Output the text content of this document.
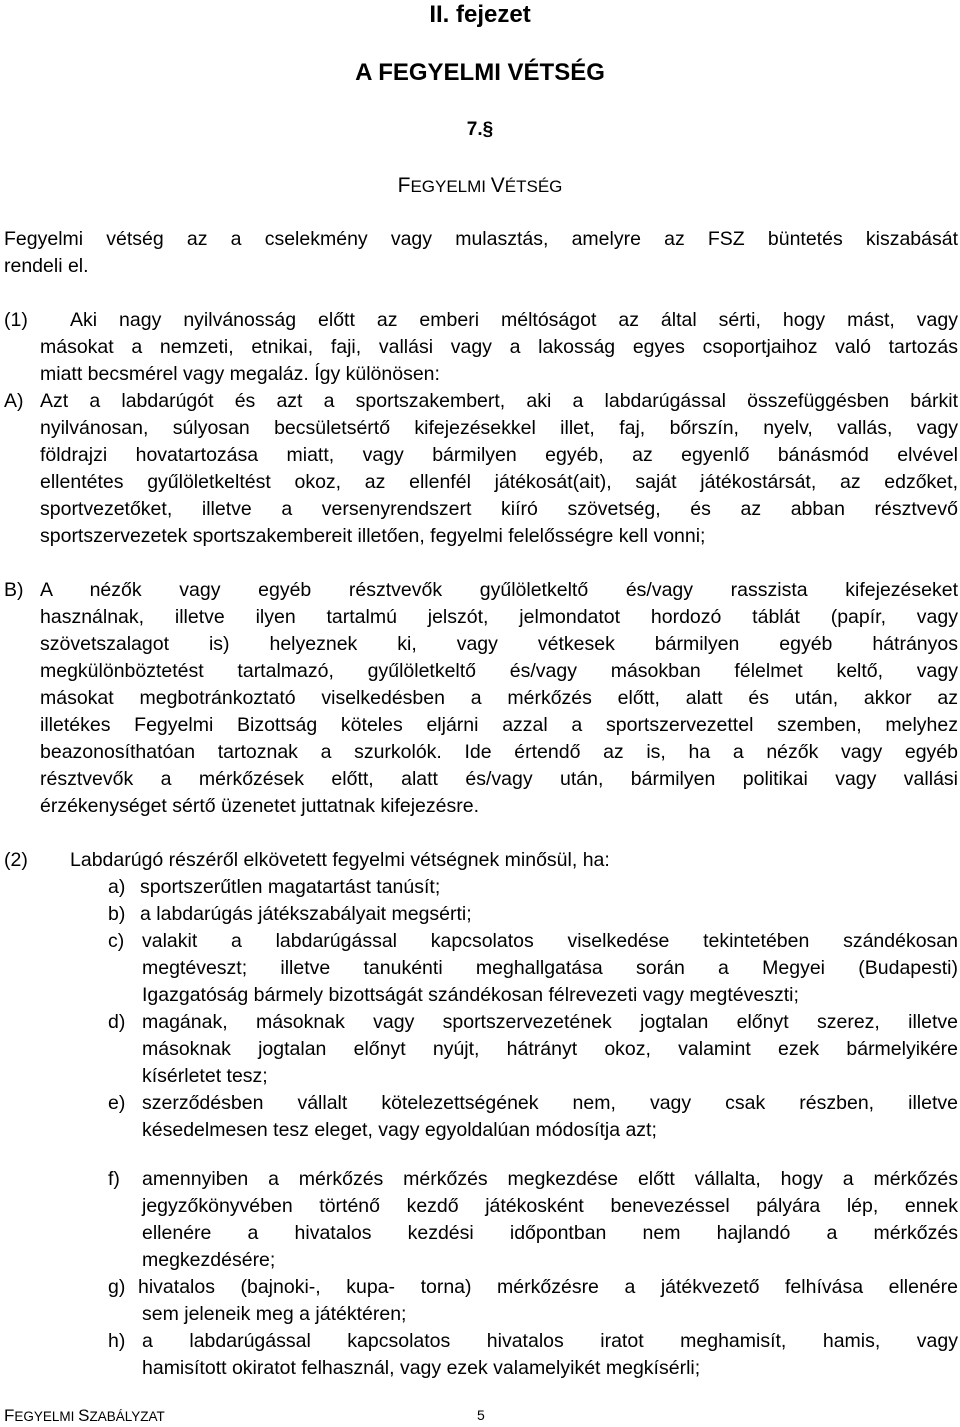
II. fejezet
A FEGYELMI VÉTSÉG
7.§
FEGYELMI VÉTSÉG
Fegyelmi vétség az a cselekmény vagy mulasztás, amelyre az FSZ büntetés kiszabását
rendeli el.
(1) Aki nagy nyilvánosság előtt az emberi méltóságot az által sérti, hogy mást, vagy
másokat a nemzeti, etnikai, faji, vallási vagy a lakosság egyes csoportjaihoz való tartozás
miatt becsmérel vagy megaláz. Így különösen:
A) Azt a labdarúgót és azt a sportszakembert, aki a labdarúgással összefüggésben bárkit
nyilvánosan, súlyosan becsületsértő kifejezésekkel illet, faj, bőrszín, nyelv, vallás, vagy
földrajzi hovatartozása miatt, vagy bármilyen egyéb, az egyenlő bánásmód elvével
ellentétes gyűlöletkeltést okoz, az ellenfél játékosát(ait), saját játékostársát, az edzőket,
sportvezetőket, illetve a versenyrendszert kiíró szövetség, és az abban résztvevő
sportszervezetek sportszakembereit illetően, fegyelmi felelősségre kell vonni;
B) A nézők vagy egyéb résztvevők gyűlöletkeltő és/vagy rasszista kifejezéseket
használnak, illetve ilyen tartalmú jelszót, jelmondatot hordozó táblát (papír, vagy
szövetszalagot is) helyeznek ki, vagy vétkesek bármilyen egyéb hátrányos
megkülönböztetést tartalmazó, gyűlöletkeltő és/vagy másokban félelmet keltő, vagy
másokat megbotránkoztató viselkedésben a mérkőzés előtt, alatt és után, akkor az
illetékes Fegyelmi Bizottság köteles eljárni azzal a sportszervezettel szemben, melyhez
beazonosíthatóan tartoznak a szurkolók. Ide értendő az is, ha a nézők vagy egyéb
résztvevők a mérkőzések előtt, alatt és/vagy után, bármilyen politikai vagy vallási
érzékenységet sértő üzenetet juttatnak kifejezésre.
(2) Labdarúgó részéről elkövetett fegyelmi vétségnek minősül, ha:
a) sportszerűtlen magatartást tanúsít;
b) a labdarúgás játékszabályait megsérti;
c) valakit a labdarúgással kapcsolatos viselkedése tekintetében szándékosan
megtéveszt; illetve tanukénti meghallgatása során a Megyei (Budapesti)
Igazgatóság bármely bizottságát szándékosan félrevezeti vagy megtéveszti;
d) magának, másoknak vagy sportszervezetének jogtalan előnyt szerez, illetve
másoknak jogtalan előnyt nyújt, hátrányt okoz, valamint ezek bármelyikére
kísérletet tesz;
e) szerződésben vállalt kötelezettségének nem, vagy csak részben, illetve
késedelmesen tesz eleget, vagy egyoldalúan módosítja azt;
f) amennyiben a mérkőzés mérkőzés megkezdése előtt vállalta, hogy a mérkőzés
jegyzőkönyvében történő kezdő játékosként benevezéssel pályára lép, ennek
ellenére a hivatalos kezdési időpontban nem hajlandó a mérkőzés
megkezdésére;
g) hivatalos (bajnoki-, kupa- torna) mérkőzésre a játékvezető felhívása ellenére
sem jeleneik meg a játéktéren;
h) a labdarúgással kapcsolatos hivatalos iratot meghamisít, hamis, vagy
hamisított okiratot felhasznál, vagy ezek valamelyikét megkísérli;
FEGYELMI SZABÁLYZAT	5
